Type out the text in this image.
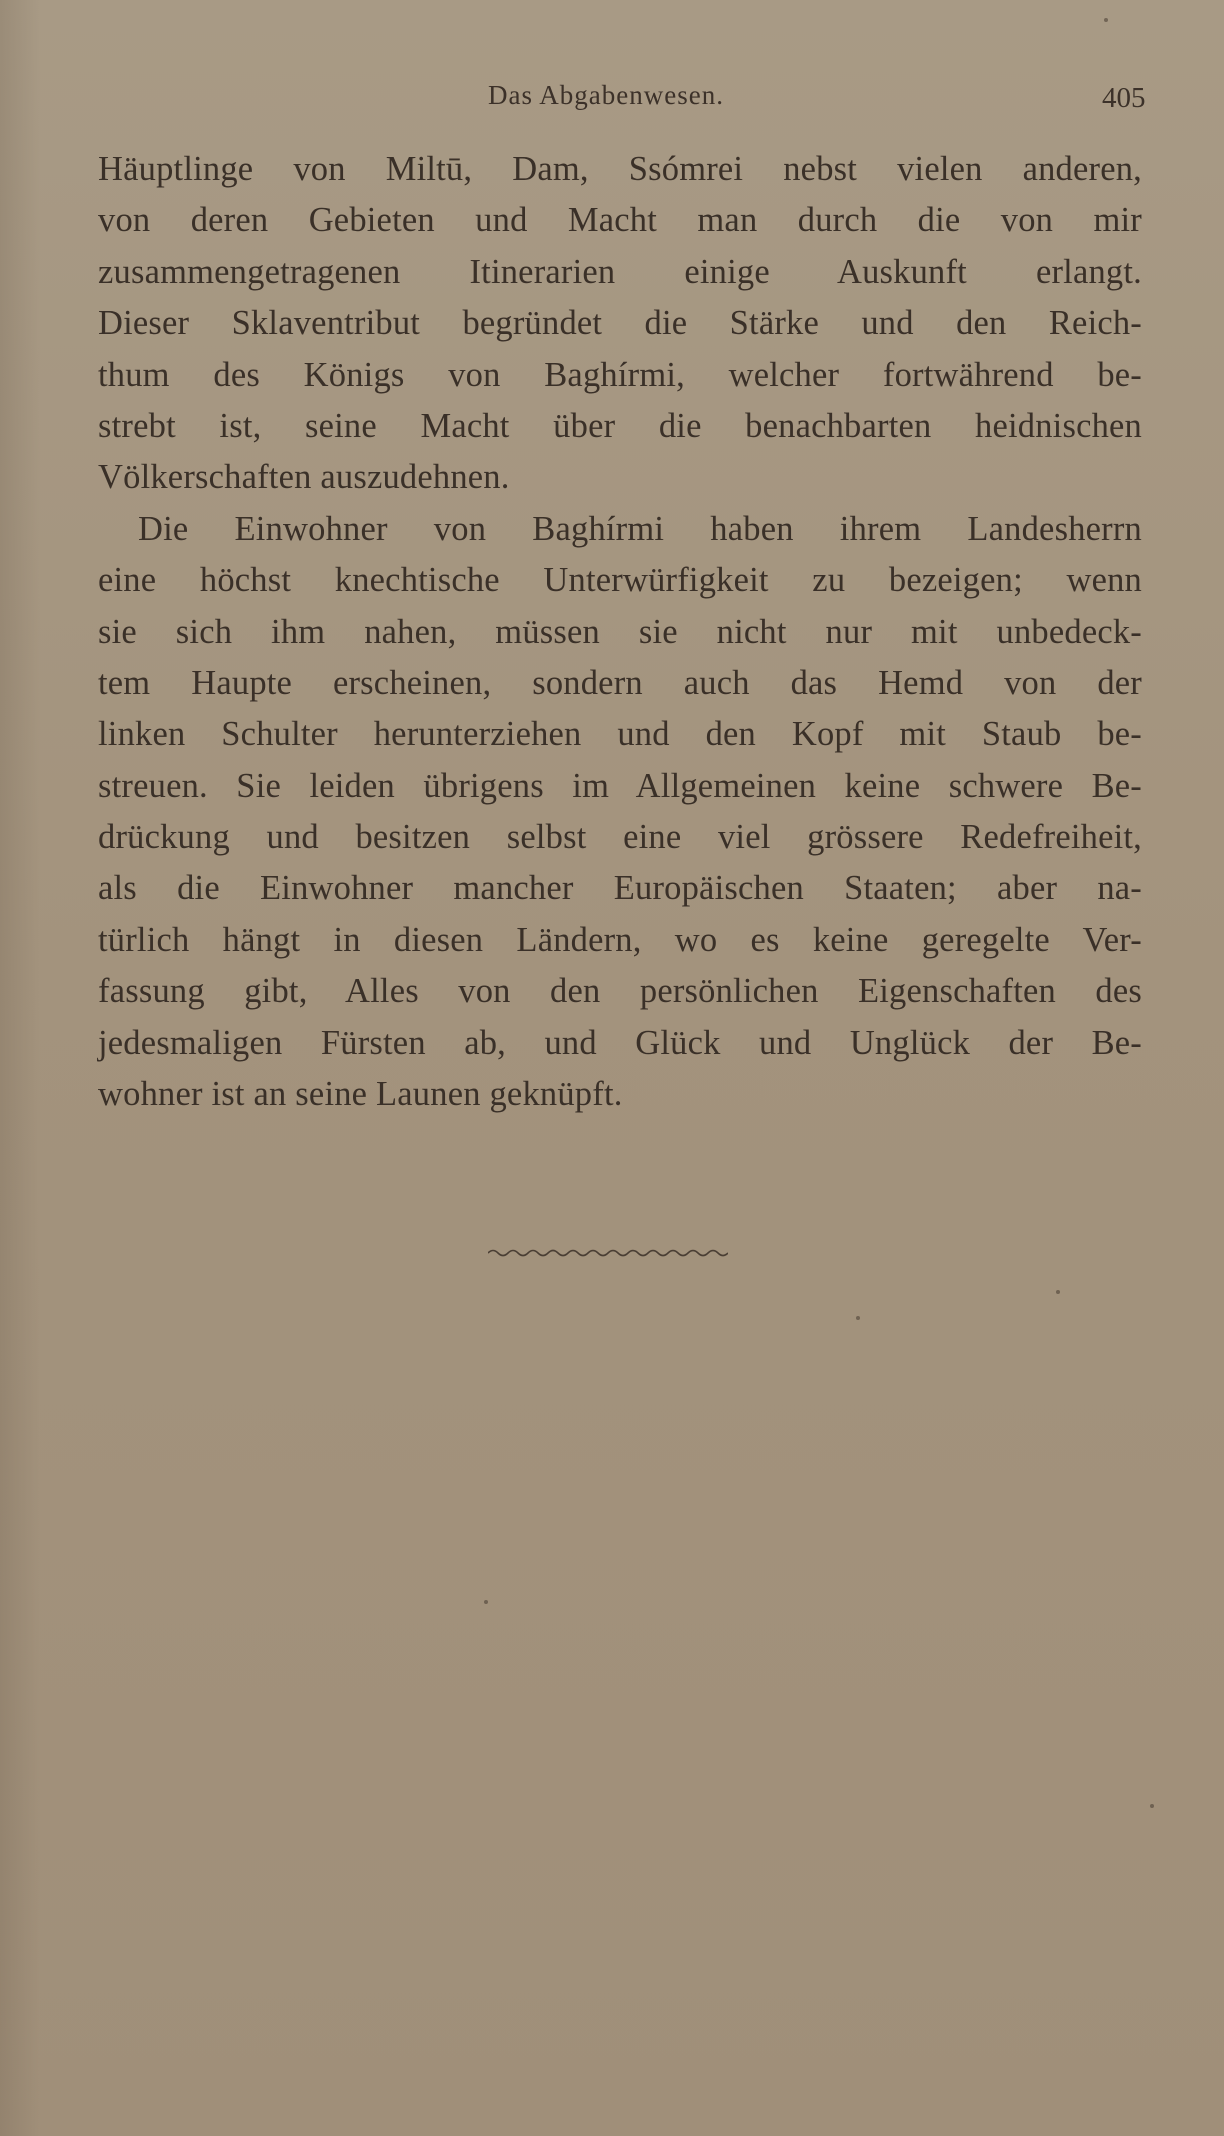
Das Abgabenwesen.	405
Häuptlinge von Miltū, Dam, Ssómrei nebst vielen anderen,
von deren Gebieten und Macht man durch die von mir
zusammengetragenen Itinerarien einige Auskunft erlangt.
Dieser Sklaventribut begründet die Stärke und den Reich-
thum des Königs von Baghírmi, welcher fortwährend be-
strebt ist, seine Macht über die benachbarten heidnischen
Völkerschaften auszudehnen.
Die Einwohner von Baghírmi haben ihrem Landesherrn
eine höchst knechtische Unterwürfigkeit zu bezeigen; wenn
sie sich ihm nahen, müssen sie nicht nur mit unbedeck-
tem Haupte erscheinen, sondern auch das Hemd von der
linken Schulter herunterziehen und den Kopf mit Staub be-
streuen. Sie leiden übrigens im Allgemeinen keine schwere Be-
drückung und besitzen selbst eine viel grössere Redefreiheit,
als die Einwohner mancher Europäischen Staaten; aber na-
türlich hängt in diesen Ländern, wo es keine geregelte Ver-
fassung gibt, Alles von den persönlichen Eigenschaften des
jedesmaligen Fürsten ab, und Glück und Unglück der Be-
wohner ist an seine Launen geknüpft.
